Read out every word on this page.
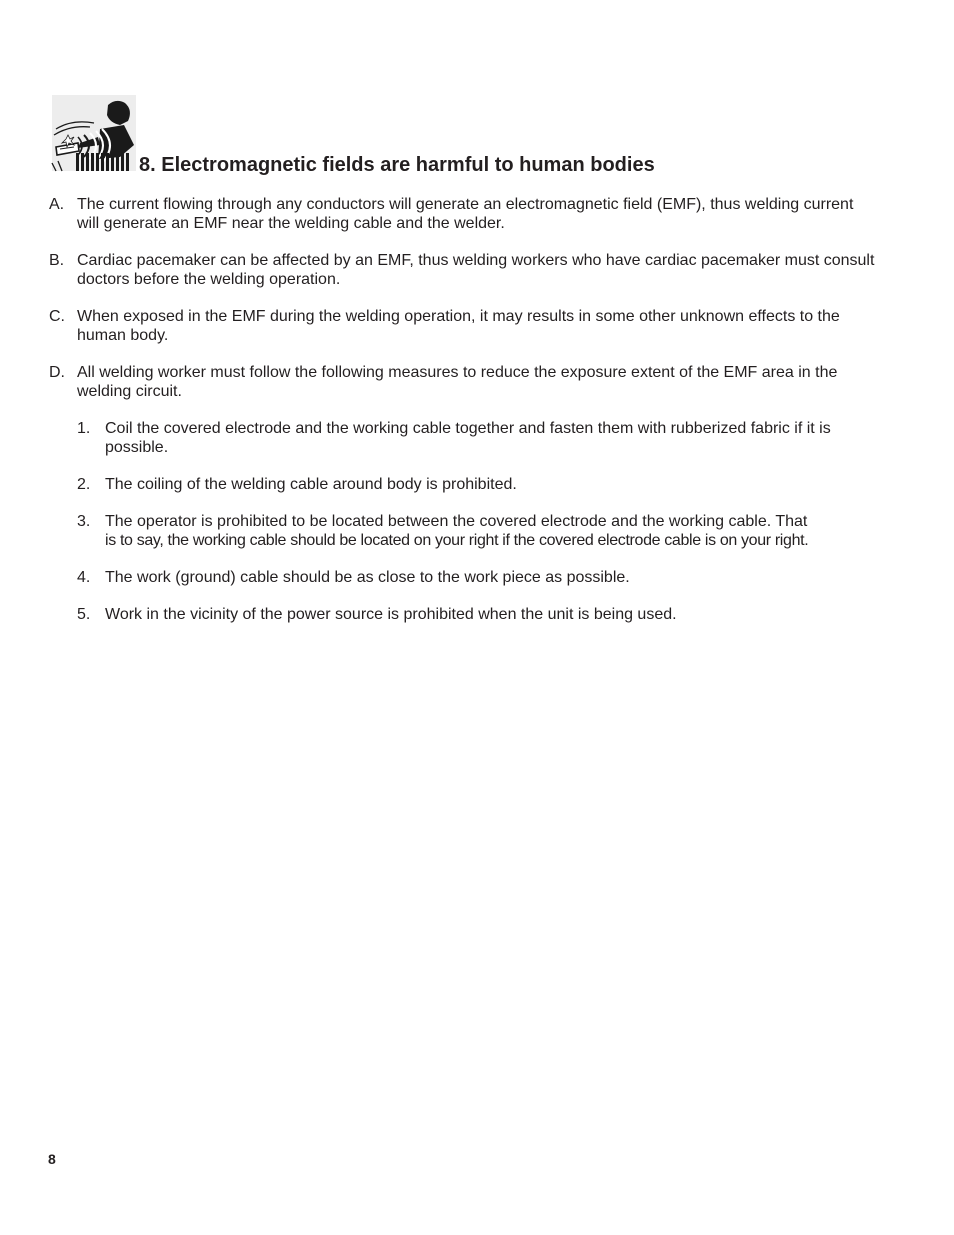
8. Electromagnetic fields are harmful to human bodies
A. The current flowing through any conductors will generate an electromagnetic field (EMF), thus welding current will generate an EMF near the welding cable and the welder.
B. Cardiac pacemaker can be affected by an EMF, thus welding workers who have cardiac pacemaker must consult doctors before the welding operation.
C. When exposed in the EMF during the welding operation, it may results in some other unknown effects to the human body.
D. All welding worker must follow the following measures to reduce the exposure extent of the EMF area in the welding circuit.
1. Coil the covered electrode and the working cable together and fasten them with rubberized fabric if it is possible.
2. The coiling of the welding cable around body is prohibited.
3. The operator is prohibited to be located between the covered electrode and the working cable. That
is to say, the working cable should be located on your right if the covered electrode cable is on your right.
4. The work (ground) cable should be as close to the work piece as possible.
5. Work in the vicinity of the power source is prohibited when the unit is being used.
8
